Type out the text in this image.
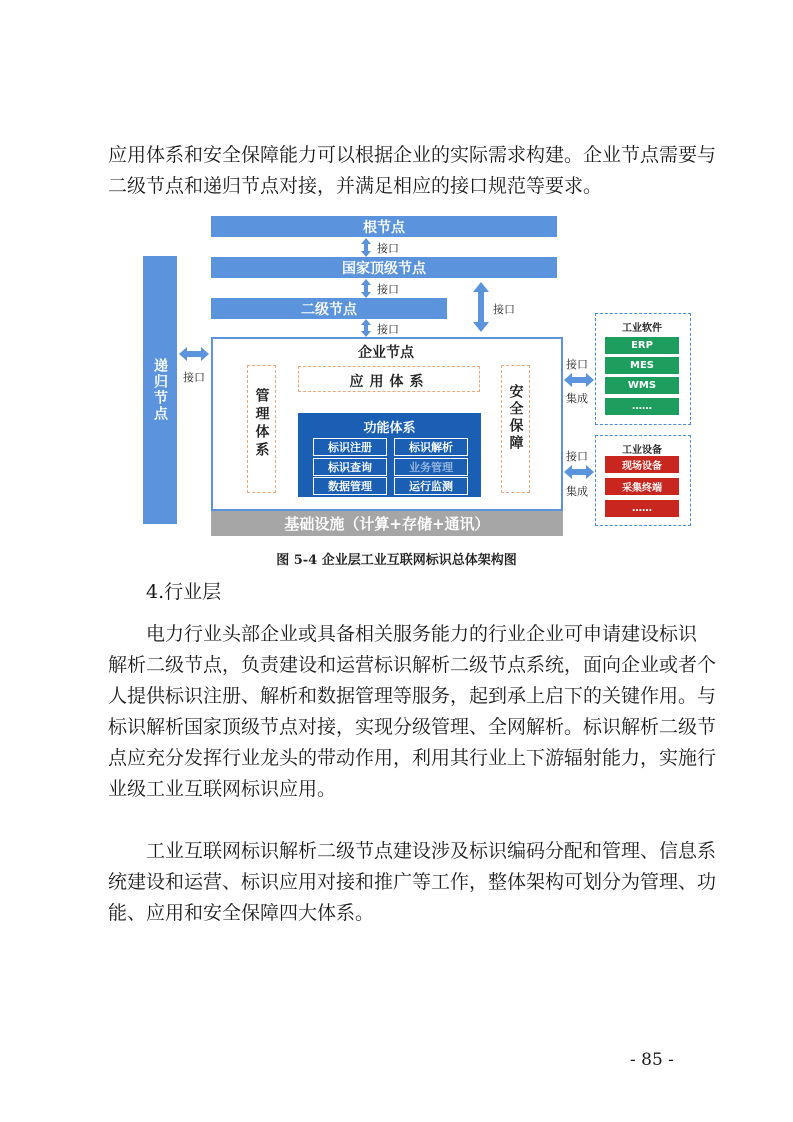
应用体系和安全保障能力可以根据企业的实际需求构建。企业节点需要与
二级节点和递归节点对接，并满足相应的接口规范等要求。
根节点
国家顶级节点
二级节点
接口
接口
接口
接口
递归节点 接口
企业节点
应用体系
管理体系	安全保障
功能体系
标识注册	标识解析
标识查询	业务管理
数据管理	运行监测
基础设施（计算+存储+通讯）
接口
集成
接口
集成
工业软件
ERP
MES
WMS
……
工业设备
现场设备
采集终端
……
图 5-4 企业层工业互联网标识总体架构图
4.行业层
电力行业头部企业或具备相关服务能力的行业企业可申请建设标识
解析二级节点，负责建设和运营标识解析二级节点系统，面向企业或者个
人提供标识注册、解析和数据管理等服务，起到承上启下的关键作用。与
标识解析国家顶级节点对接，实现分级管理、全网解析。标识解析二级节
点应充分发挥行业龙头的带动作用，利用其行业上下游辐射能力，实施行
业级工业互联网标识应用。
工业互联网标识解析二级节点建设涉及标识编码分配和管理、信息系
统建设和运营、标识应用对接和推广等工作，整体架构可划分为管理、功
能、应用和安全保障四大体系。
- 85 -
